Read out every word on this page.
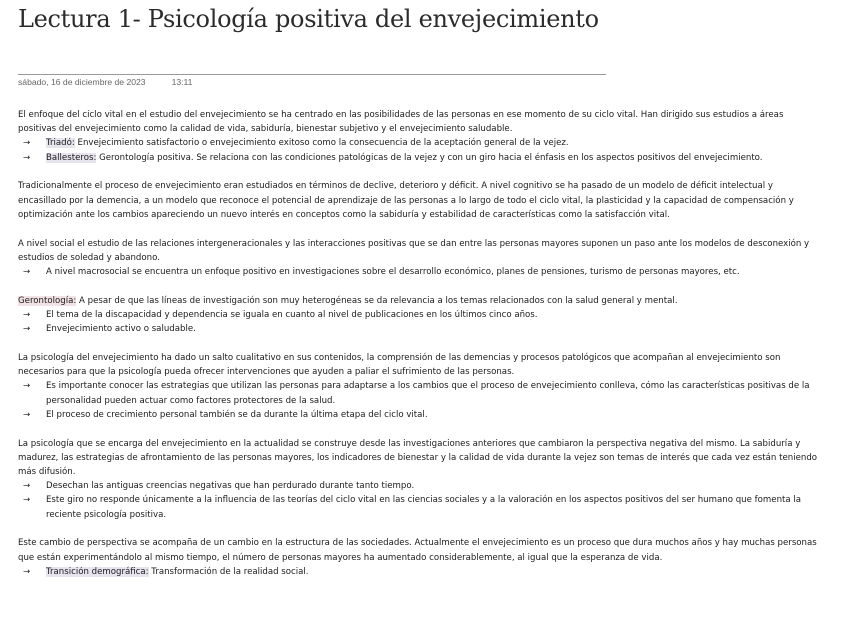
Lectura 1- Psicología positiva del envejecimiento
sábado, 16 de diciembre de 2023	13:11
El enfoque del ciclo vital en el estudio del envejecimiento se ha centrado en las posibilidades de las personas en ese momento de su ciclo vital. Han dirigido sus estudios a áreas positivas del envejecimiento como la calidad de vida, sabiduría, bienestar subjetivo y el envejecimiento saludable.
→ Triadó: Envejecimiento satisfactorio o envejecimiento exitoso como la consecuencia de la aceptación general de la vejez.
→ Ballesteros: Gerontología positiva. Se relaciona con las condiciones patológicas de la vejez y con un giro hacia el énfasis en los aspectos positivos del envejecimiento.
Tradicionalmente el proceso de envejecimiento eran estudiados en términos de declive, deterioro y déficit. A nivel cognitivo se ha pasado de un modelo de déficit intelectual y encasillado por la demencia, a un modelo que reconoce el potencial de aprendizaje de las personas a lo largo de todo el ciclo vital, la plasticidad y la capacidad de compensación y optimización ante los cambios apareciendo un nuevo interés en conceptos como la sabiduría y estabilidad de características como la satisfacción vital.
A nivel social el estudio de las relaciones intergeneracionales y las interacciones positivas que se dan entre las personas mayores suponen un paso ante los modelos de desconexión y estudios de soledad y abandono.
→ A nivel macrosocial se encuentra un enfoque positivo en investigaciones sobre el desarrollo económico, planes de pensiones, turismo de personas mayores, etc.
Gerontología: A pesar de que las líneas de investigación son muy heterogéneas se da relevancia a los temas relacionados con la salud general y mental.
→ El tema de la discapacidad y dependencia se iguala en cuanto al nivel de publicaciones en los últimos cinco años.
→ Envejecimiento activo o saludable.
La psicología del envejecimiento ha dado un salto cualitativo en sus contenidos, la comprensión de las demencias y procesos patológicos que acompañan al envejecimiento son necesarios para que la psicología pueda ofrecer intervenciones que ayuden a paliar el sufrimiento de las personas.
→ Es importante conocer las estrategias que utilizan las personas para adaptarse a los cambios que el proceso de envejecimiento conlleva, cómo las características positivas de la personalidad pueden actuar como factores protectores de la salud.
→ El proceso de crecimiento personal también se da durante la última etapa del ciclo vital.
La psicología que se encarga del envejecimiento en la actualidad se construye desde las investigaciones anteriores que cambiaron la perspectiva negativa del mismo. La sabiduría y madurez, las estrategias de afrontamiento de las personas mayores, los indicadores de bienestar y la calidad de vida durante la vejez son temas de interés que cada vez están teniendo más difusión.
→ Desechan las antiguas creencias negativas que han perdurado durante tanto tiempo.
→ Este giro no responde únicamente a la influencia de las teorías del ciclo vital en las ciencias sociales y a la valoración en los aspectos positivos del ser humano que fomenta la reciente psicología positiva.
Este cambio de perspectiva se acompaña de un cambio en la estructura de las sociedades. Actualmente el envejecimiento es un proceso que dura muchos años y hay muchas personas que están experimentándolo al mismo tiempo, el número de personas mayores ha aumentado considerablemente, al igual que la esperanza de vida.
→ Transición demográfica: Transformación de la realidad social.
